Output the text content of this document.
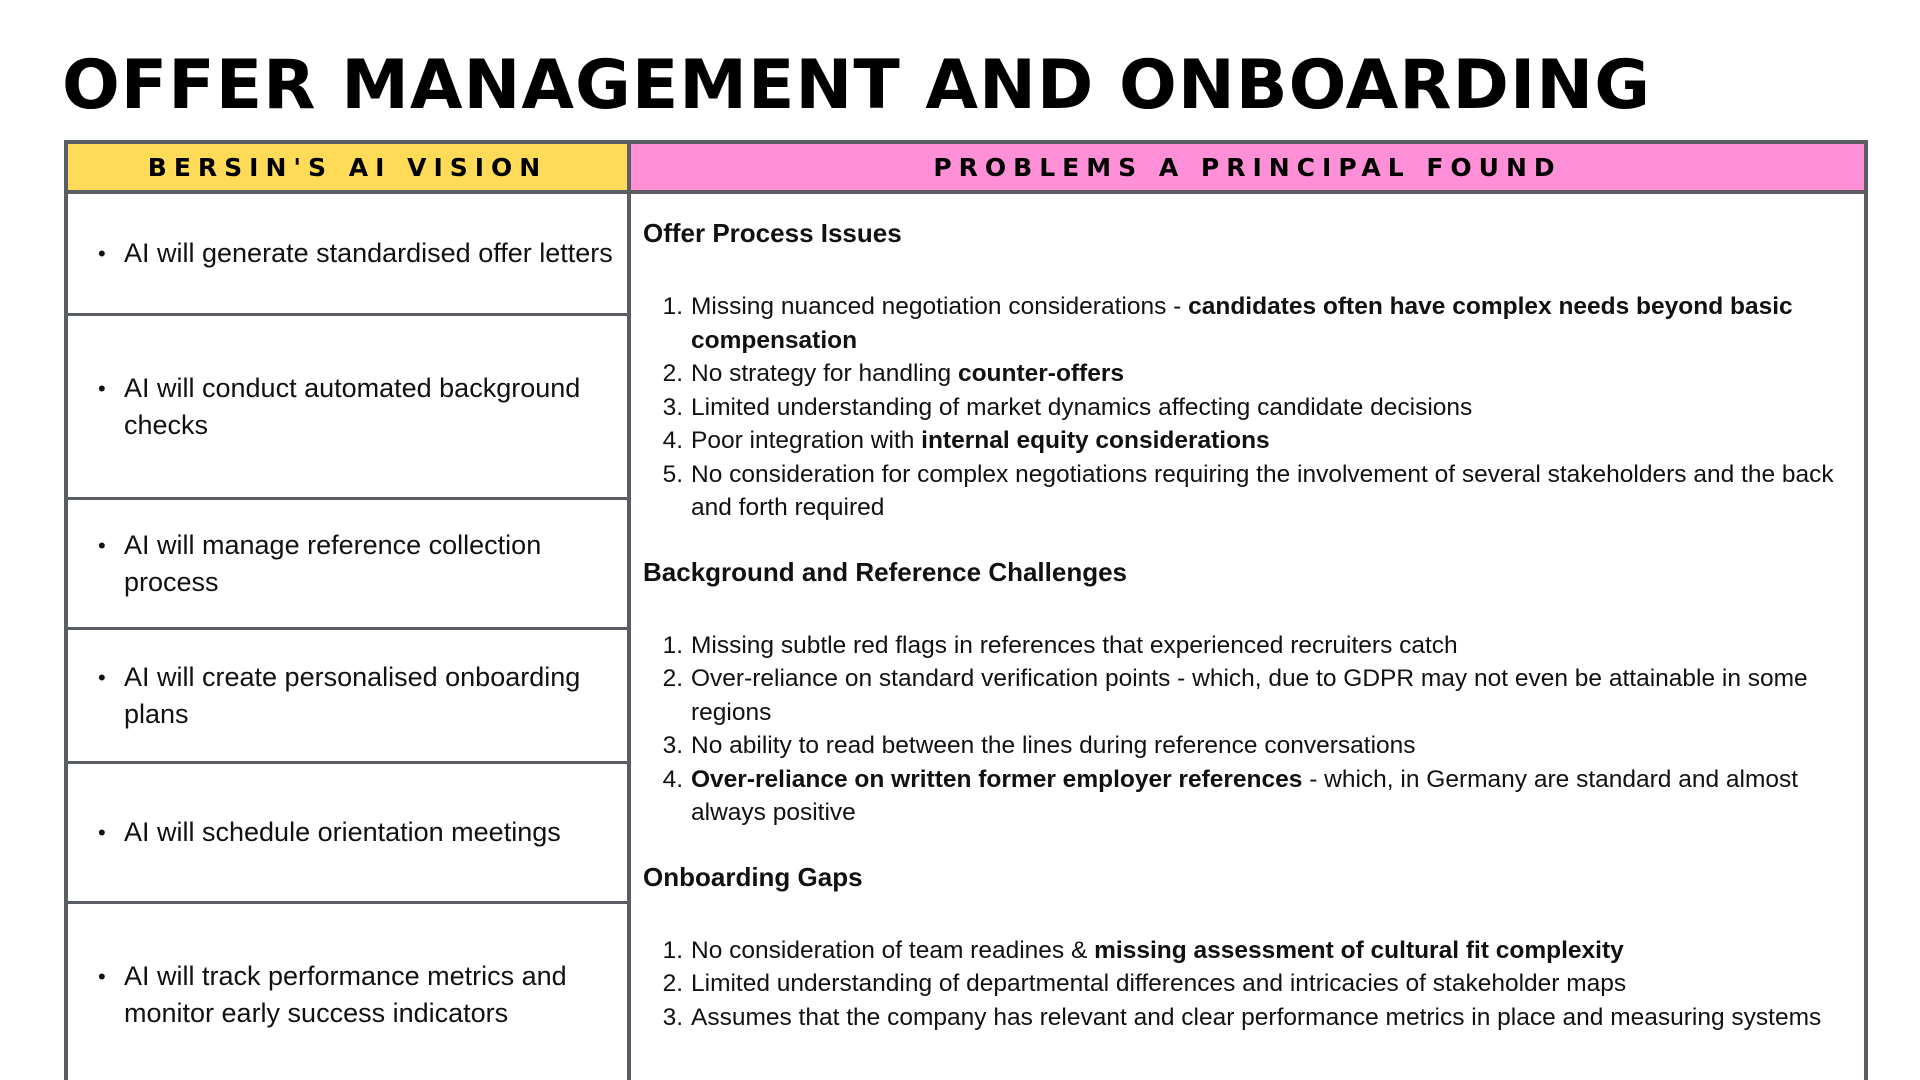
OFFER MANAGEMENT AND ONBOARDING
BERSIN'S AI VISION
• AI will generate standardised offer letters
• AI will conduct automated background checks
• AI will manage reference collection process
• AI will create personalised onboarding plans
• AI will schedule orientation meetings
• AI will track performance metrics and monitor early success indicators
PROBLEMS A PRINCIPAL FOUND
Offer Process Issues
1. Missing nuanced negotiation considerations - candidates often have complex needs beyond basic compensation
2. No strategy for handling counter-offers
3. Limited understanding of market dynamics affecting candidate decisions
4. Poor integration with internal equity considerations
5. No consideration for complex negotiations requiring the involvement of several stakeholders and the back and forth required
Background and Reference Challenges
1. Missing subtle red flags in references that experienced recruiters catch
2. Over-reliance on standard verification points - which, due to GDPR may not even be attainable in some regions
3. No ability to read between the lines during reference conversations
4. Over-reliance on written former employer references - which, in Germany are standard and almost always positive
Onboarding Gaps
1. No consideration of team readines & missing assessment of cultural fit complexity
2. Limited understanding of departmental differences and intricacies of stakeholder maps
3. Assumes that the company has relevant and clear performance metrics in place and measuring systems
